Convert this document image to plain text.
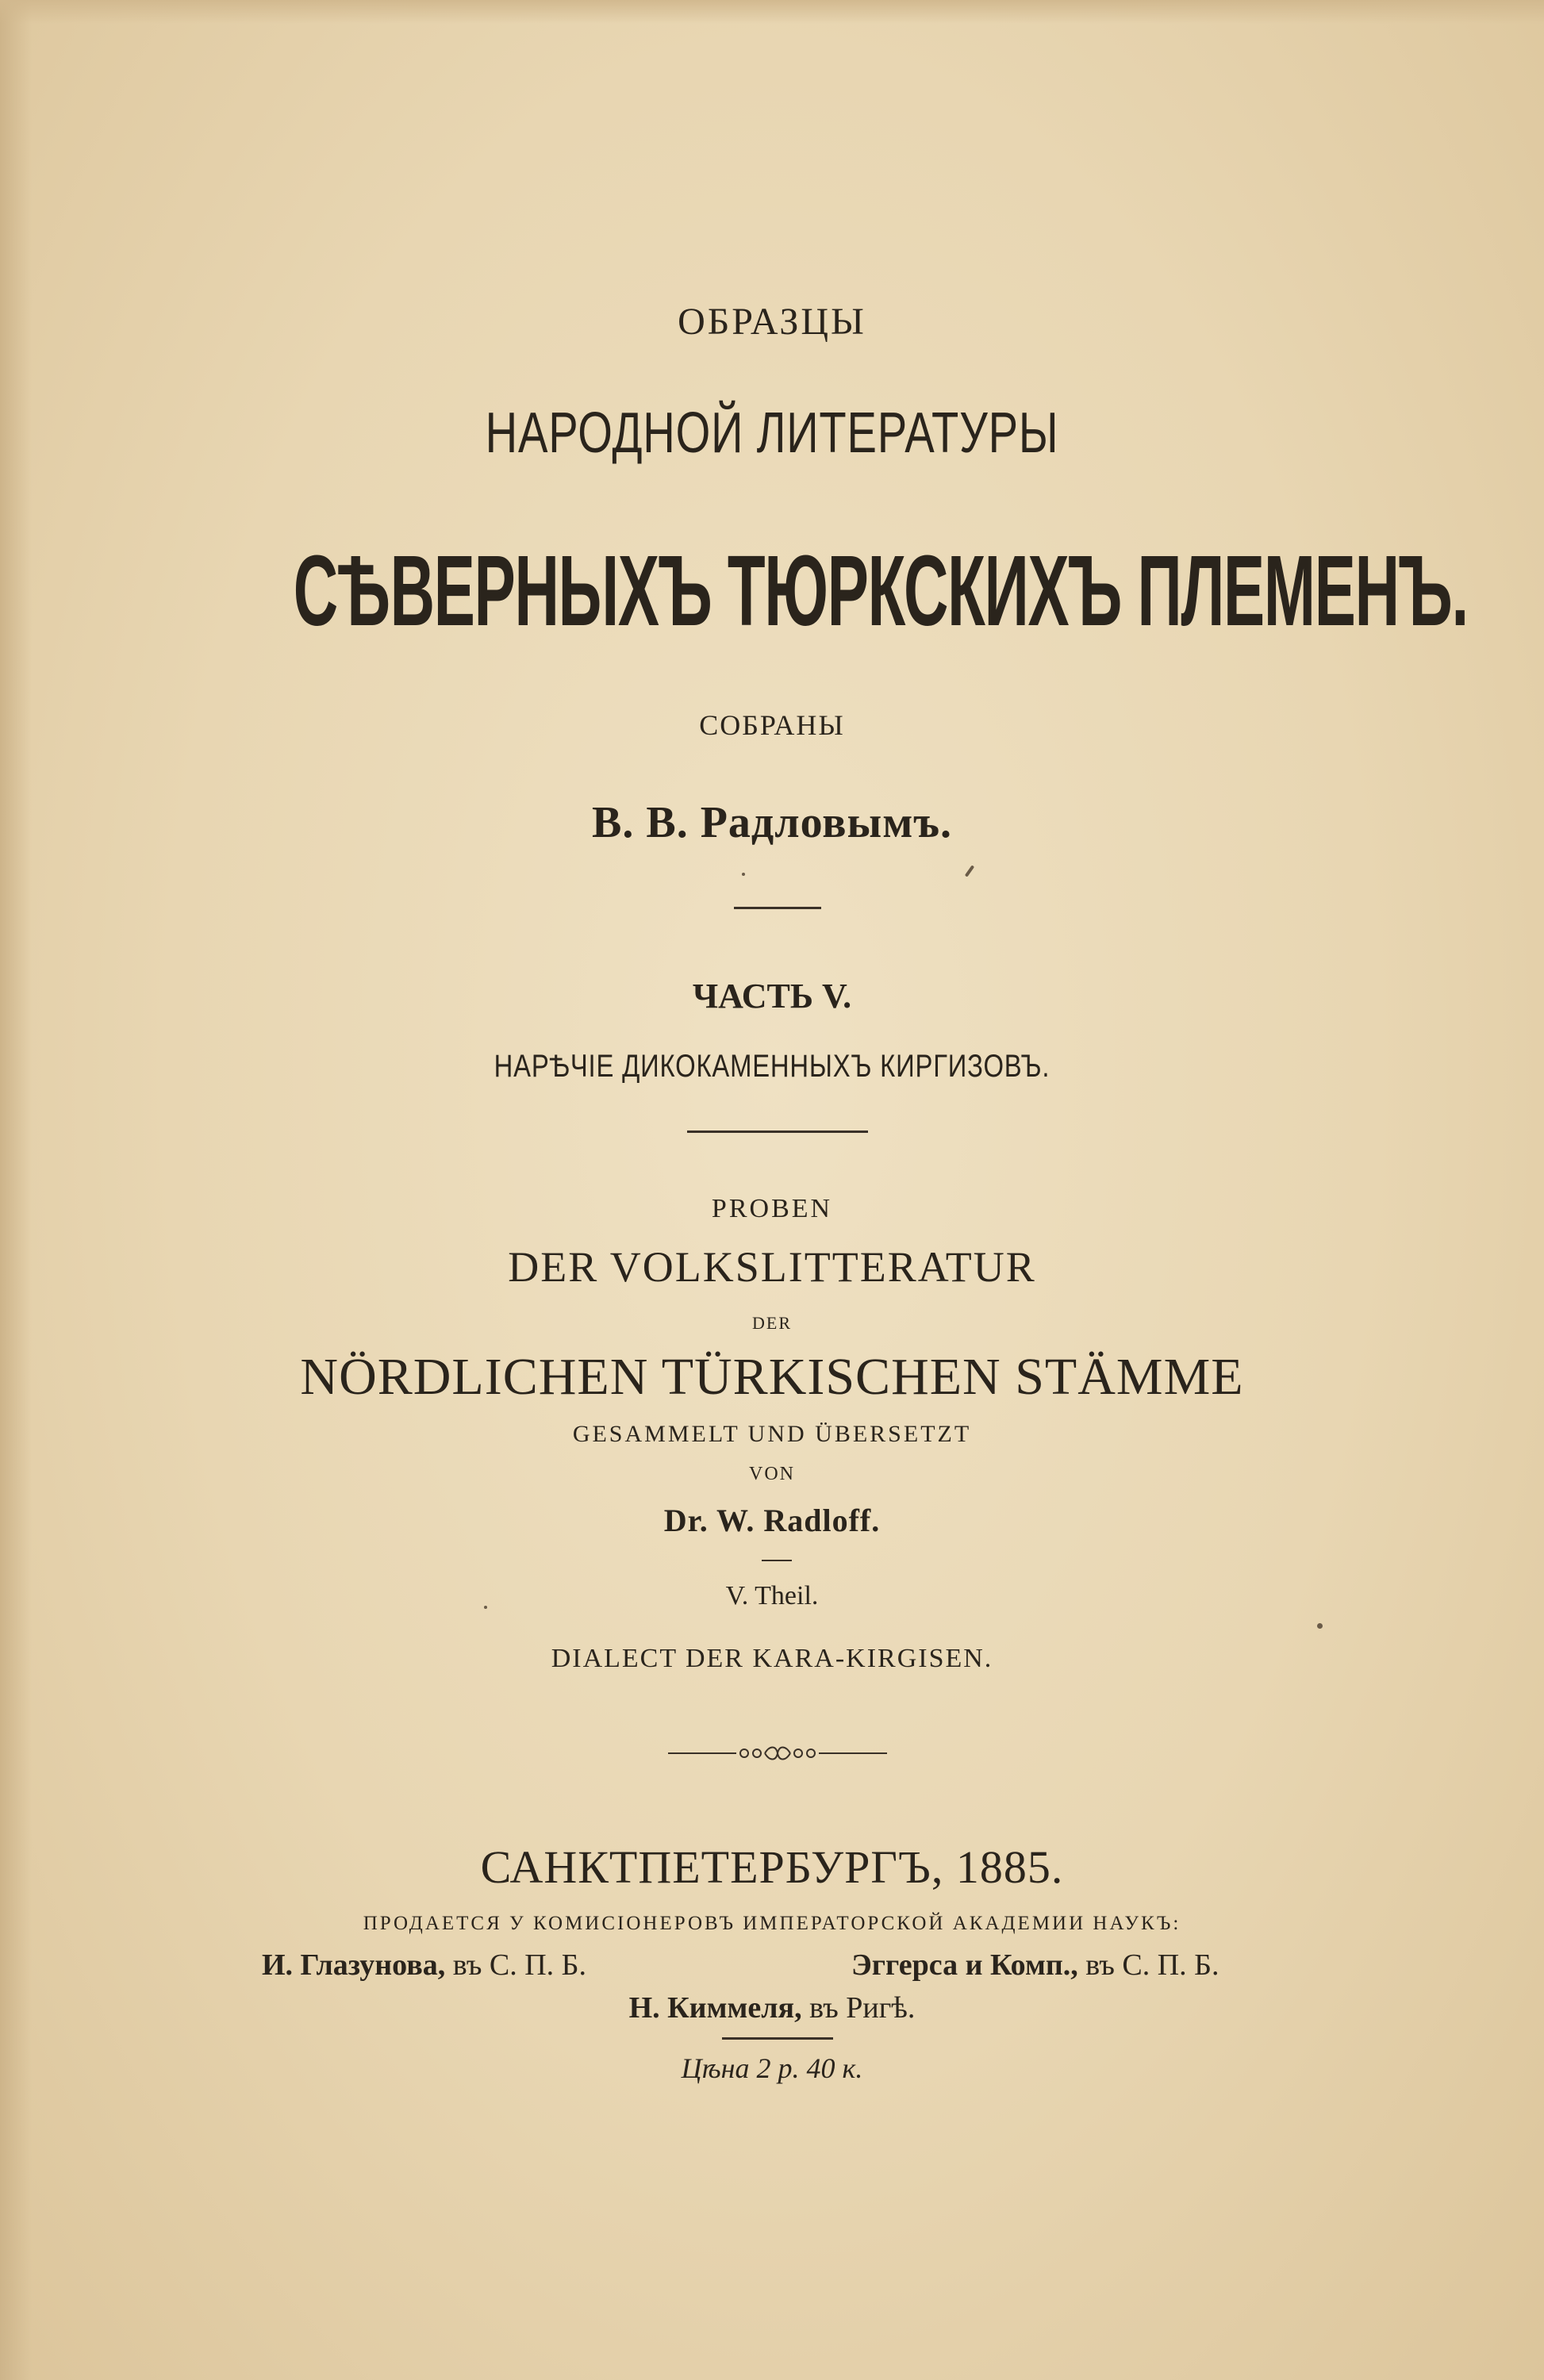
ОБРАЗЦЫ
НАРОДНОЙ ЛИТЕРАТУРЫ
СѢВЕРНЫХЪ ТЮРКСКИХЪ ПЛЕМЕНЪ.
СОБРАНЫ
В. В. Радловымъ.
ЧАСТЬ V.
НАРѢЧІЕ ДИКОКАМЕННЫХЪ КИРГИЗОВЪ.
PROBEN
DER VOLKSLITTERATUR
DER
NÖRDLICHEN TÜRKISCHEN STÄMME
GESAMMELT UND ÜBERSETZT
VON
Dr. W. Radloff.
V. Theil.
DIALECT DER KARA-KIRGISEN.
САНКТПЕТЕРБУРГЪ, 1885.
ПРОДАЕТСЯ У КОМИСІОНЕРОВЪ ИМПЕРАТОРСКОЙ АКАДЕМИИ НАУКЪ:
И. Глазунова, въ С. П. Б.	Эггерса и Комп., въ С. П. Б.
Н. Киммеля, въ Ригѣ.
Цѣна 2 р. 40 к.
